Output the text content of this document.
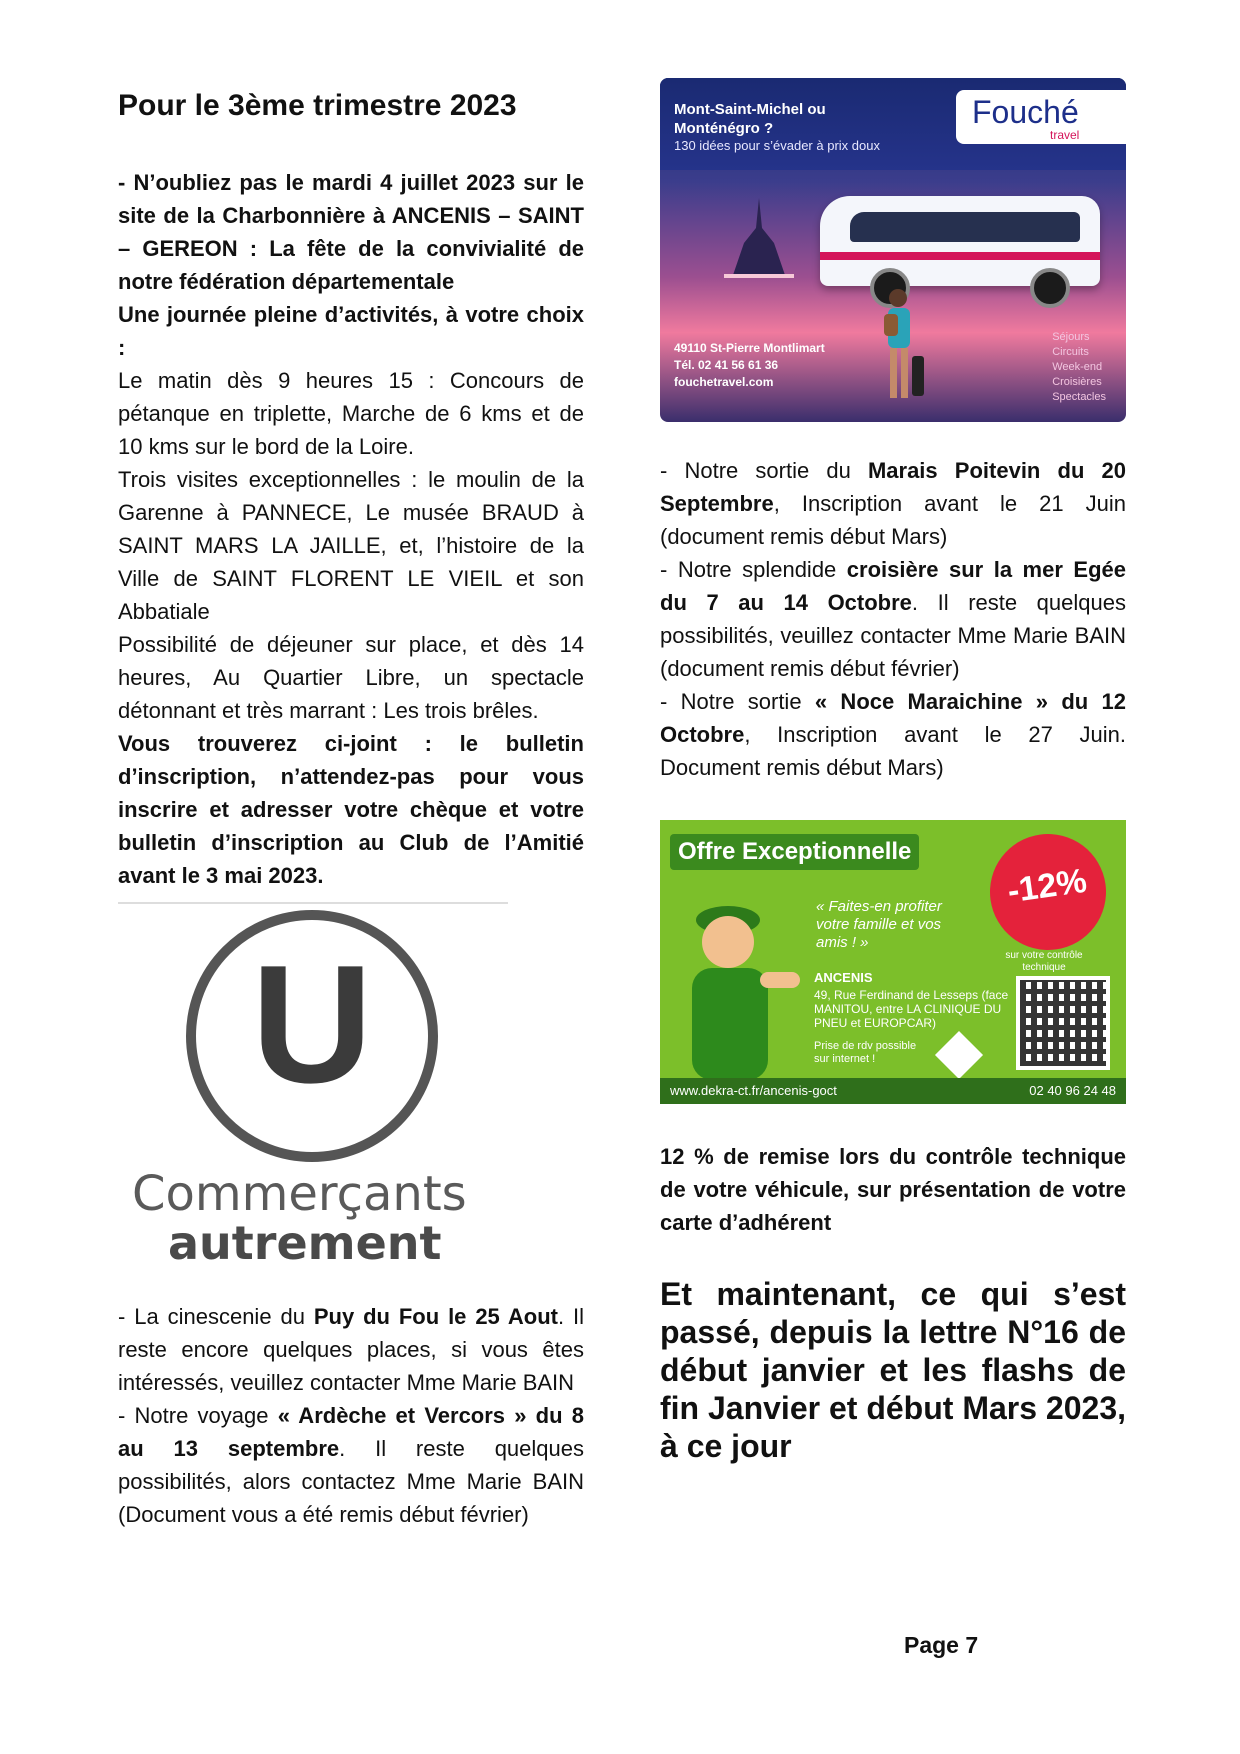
Pour le 3ème trimestre 2023

- N’oubliez pas le mardi 4 juillet 2023 sur le site de la Charbonnière à ANCENIS – SAINT – GEREON : La fête de la convivialité de notre fédération départementale

Une journée pleine d’activités, à votre choix :

Le matin dès 9 heures 15 : Concours de pétanque en triplette, Marche de 6 kms et de 10 kms sur le bord de la Loire.

Trois visites exceptionnelles : le moulin de la Garenne à PANNECE, Le musée BRAUD à SAINT MARS LA JAILLE, et, l’histoire de la Ville de SAINT FLORENT LE VIEIL et son Abbatiale

Possibilité de déjeuner sur place, et dès 14 heures, Au Quartier Libre, un spectacle détonnant et très marrant : Les trois brêles.

Vous trouverez ci-joint : le bulletin d’inscription, n’attendez-pas pour vous inscrire et adresser votre chèque et votre bulletin d’inscription au Club de l’Amitié avant le 3 mai 2023.

U
Commerçants
autrement

- La cinescenie du Puy du Fou le 25 Aout. Il reste encore quelques places, si vous êtes intéressés, veuillez contacter Mme Marie BAIN

- Notre voyage « Ardèche et Vercors » du 8 au 13 septembre. Il reste quelques possibilités, alors contactez Mme Marie BAIN (Document vous a été remis début février)

Mont-Saint-Michel ou Monténégro ?
130 idées pour s’évader à prix doux
Fouché
travel
49110 St-Pierre Montlimart
Tél. 02 41 56 61 36
fouchetravel.com
Séjours
Circuits
Week-end
Croisières
Spectacles

- Notre sortie du Marais Poitevin du 20 Septembre, Inscription avant le 21 Juin (document remis début Mars)

- Notre splendide croisière sur la mer Egée du 7 au 14 Octobre. Il reste quelques possibilités, veuillez contacter Mme Marie BAIN (document remis début février)

- Notre sortie « Noce Maraichine » du 12 Octobre, Inscription avant le 27 Juin. Document remis début Mars)

Offre Exceptionnelle
« Faites-en profiter votre famille et vos amis ! »
-12%
sur votre contrôle technique
ANCENIS
49, Rue Ferdinand de Lesseps (face MANITOU, entre LA CLINIQUE DU PNEU et EUROPCAR)
Prise de rdv possible sur internet !
www.dekra-ct.fr/ancenis-goct	02 40 96 24 48

12 % de remise lors du contrôle technique de votre véhicule, sur présentation de votre carte d’adhérent

Et maintenant, ce qui s’est passé, depuis la lettre N°16 de début janvier et les flashs de fin Janvier et début Mars 2023, à ce jour

Page 7
